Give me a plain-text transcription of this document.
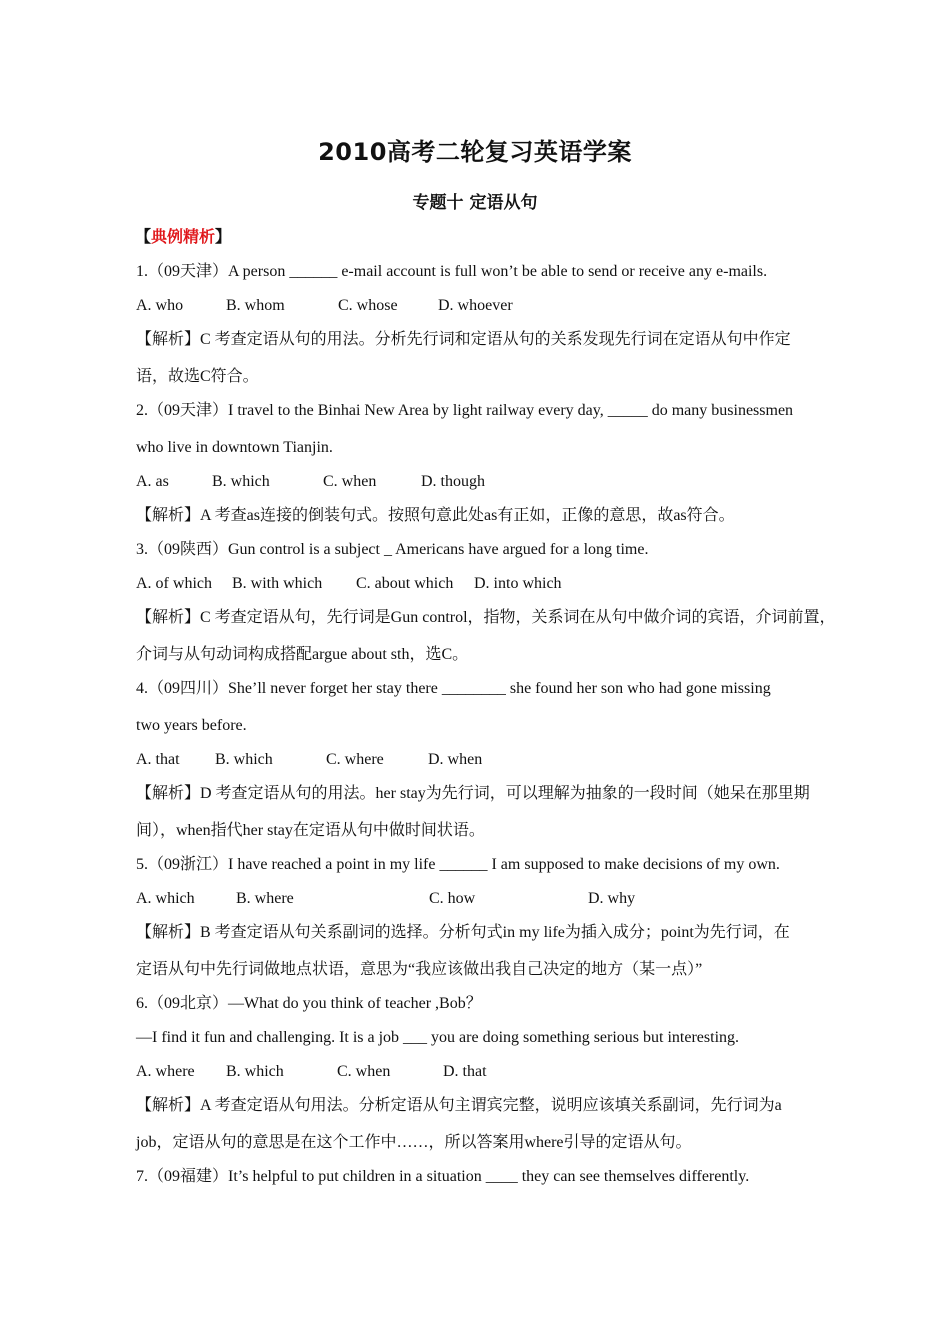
2010高考二轮复习英语学案
专题十 定语从句
【典例精析】
1.（09天津）A person ______ e-mail account is full won’t be able to send or receive any e-mails.
A. who	B. whom	C. whose	D. whoever
【解析】C 考查定语从句的用法。分析先行词和定语从句的关系发现先行词在定语从句中作定
语，故选C符合。
2.（09天津）I travel to the Binhai New Area by light railway every day, _____ do many businessmen
who live in downtown Tianjin.
A. as	B. which	C. when	D. though
【解析】A 考查as连接的倒装句式。按照句意此处as有正如，正像的意思，故as符合。
3.（09陕西）Gun control is a subject _ Americans have argued for a long time.
A. of which B. with which C. about which D. into which
【解析】C 考查定语从句，先行词是Gun control，指物，关系词在从句中做介词的宾语，介词前置，
介词与从句动词构成搭配argue about sth，选C。
4.（09四川）She’ll never forget her stay there ________ she found her son who had gone missing
two years before.
A. that B. which	C. where	D. when
【解析】D 考查定语从句的用法。her stay为先行词，可以理解为抽象的一段时间（她呆在那里期
间），when指代her stay在定语从句中做时间状语。
5.（09浙江）I have reached a point in my life ______ I am supposed to make decisions of my own.
A. which	B. where	C. how	D. why
【解析】B 考查定语从句关系副词的选择。分析句式in my life为插入成分；point为先行词，在
定语从句中先行词做地点状语，意思为“我应该做出我自己决定的地方（某一点）”
6.（09北京）—What do you think of teacher ,Bob？
—I find it fun and challenging. It is a job ___ you are doing something serious but interesting.
A. where B. which	C. when	D. that
【解析】A 考查定语从句用法。分析定语从句主谓宾完整，说明应该填关系副词，先行词为a
job，定语从句的意思是在这个工作中……，所以答案用where引导的定语从句。
7.（09福建）It’s helpful to put children in a situation ____ they can see themselves differently.
